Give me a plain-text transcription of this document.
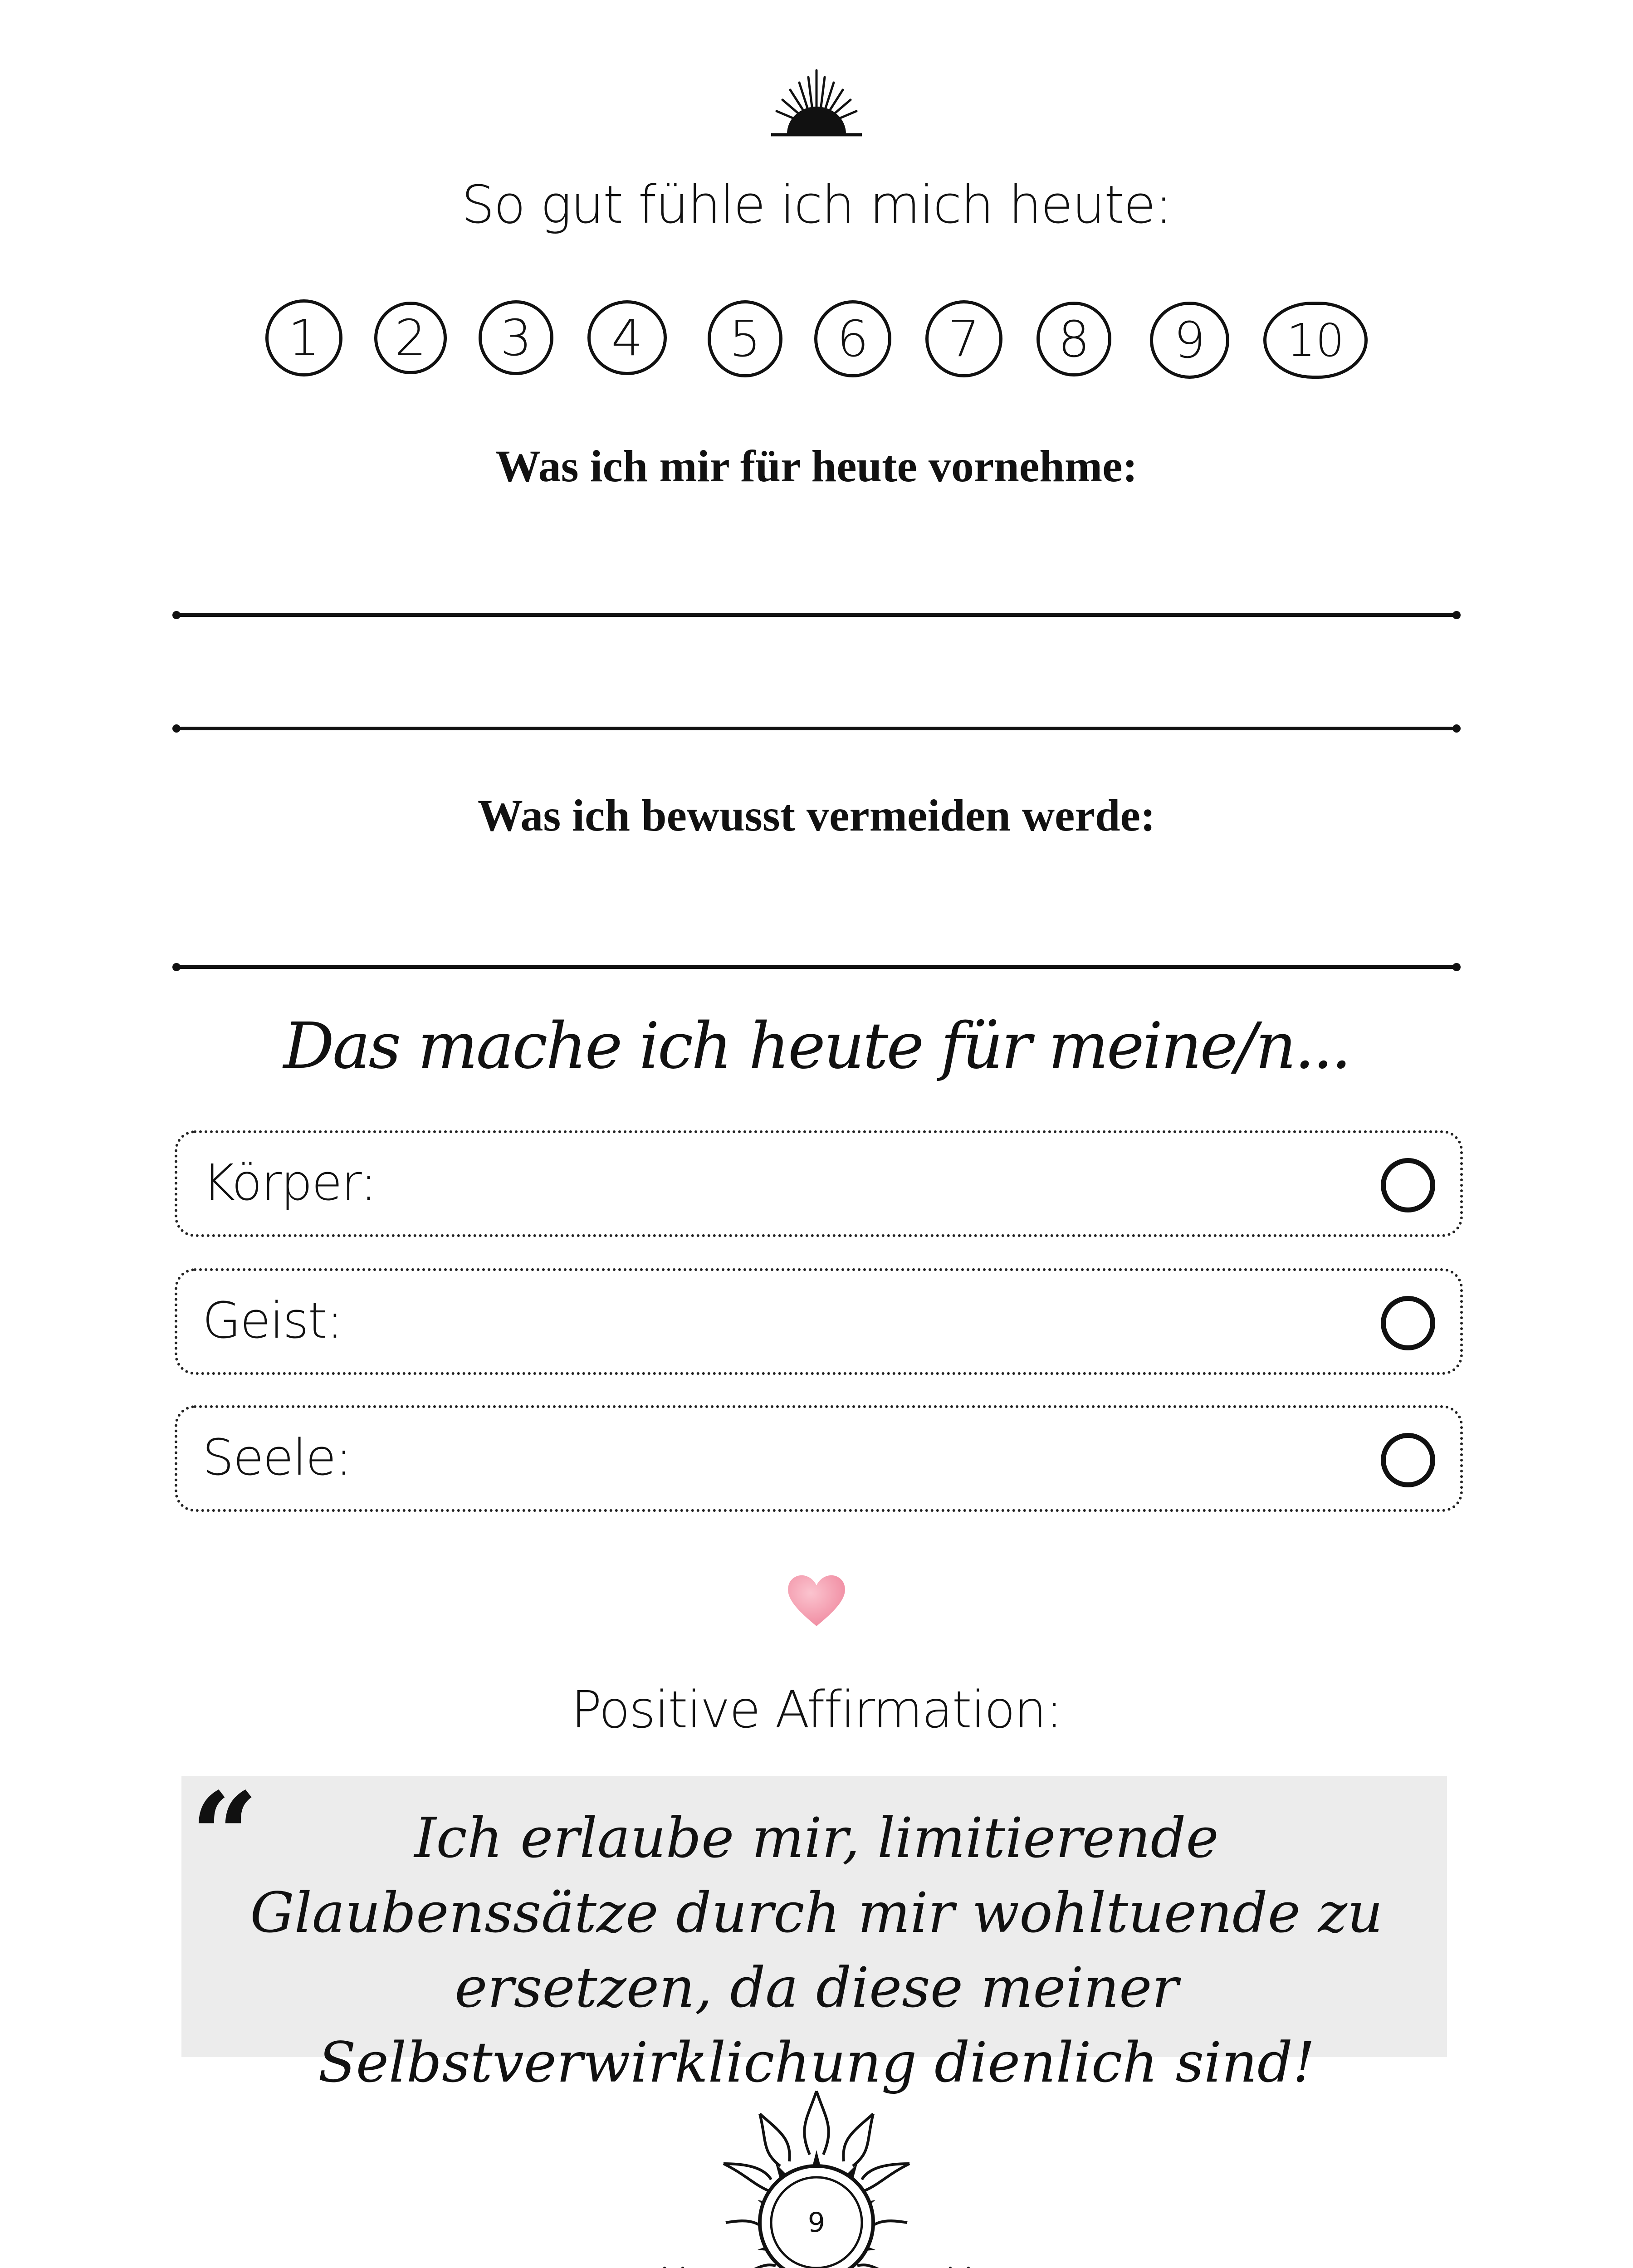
So gut fühle ich mich heute:
1	2	3	4	5	6	7	8	9	10
Was ich mir für heute vornehme:
Was ich bewusst vermeiden werde:
Das mache ich heute für meine/n...
Körper:
Geist:
Seele:
Positive Affirmation:
“	Ich erlaube mir, limitierende Glaubenssätze durch mir wohltuende zu ersetzen, da diese meiner Selbstverwirklichung dienlich sind!
9
